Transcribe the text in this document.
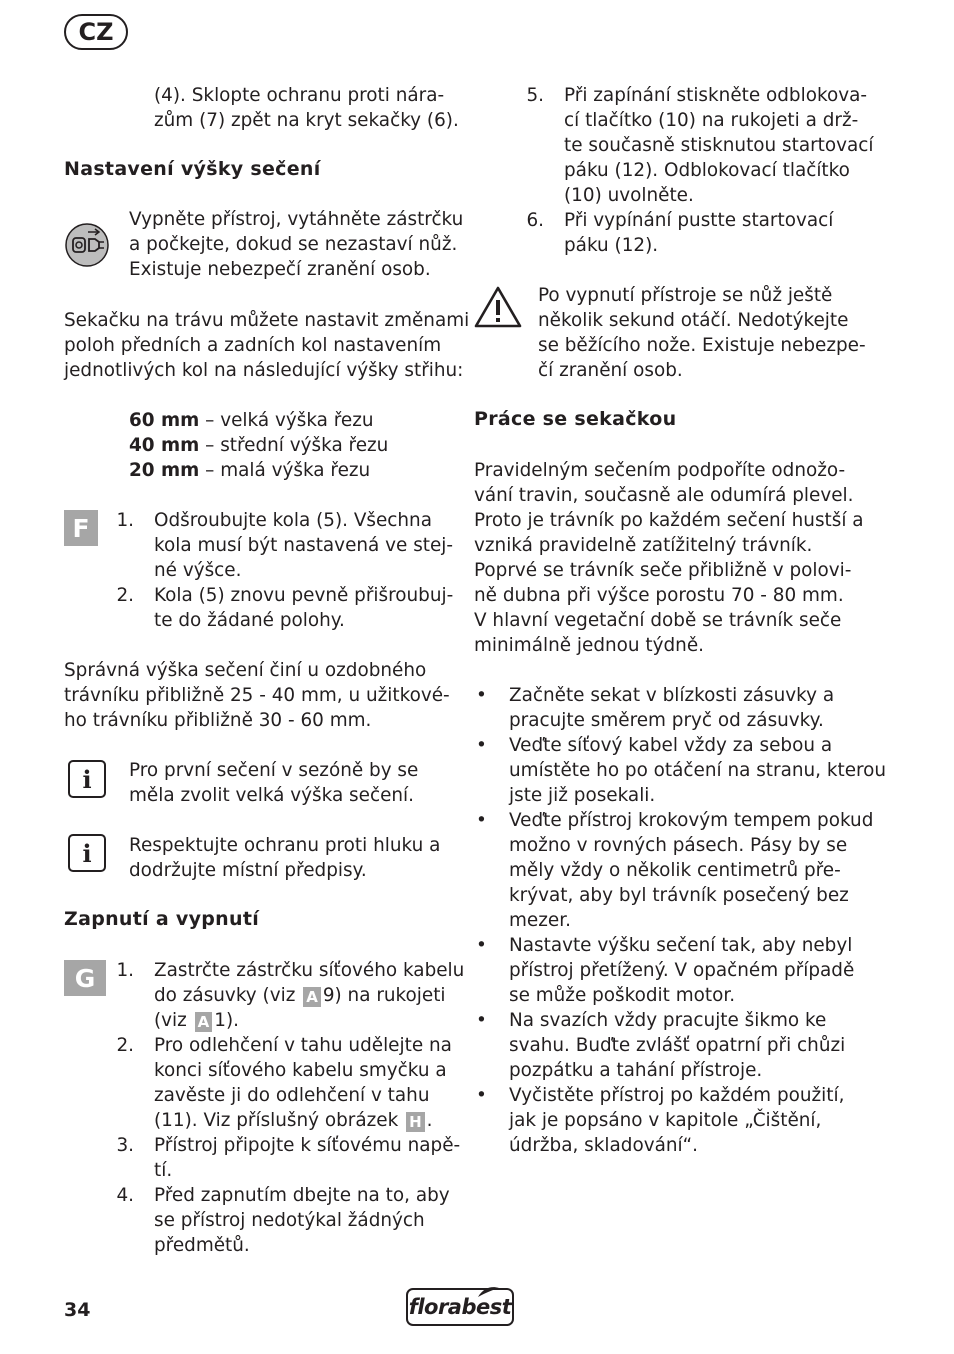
CZ
(4). Sklopte ochranu proti nára-
zům (7) zpět na kryt sekačky (6).
Nastavení výšky sečení
Vypněte přístroj, vytáhněte zástrčku
a počkejte, dokud se nezastaví nůž.
Existuje nebezpečí zranění osob.
Sekačku na trávu můžete nastavit změnami
poloh předních a zadních kol nastavením
jednotlivých kol na následující výšky střihu:
60 mm – velká výška řezu
40 mm – střední výška řezu
20 mm – malá výška řezu
F	1. Odšroubujte kola (5). Všechna
kola musí být nastavená ve stej-
né výšce.
2. Kola (5) znovu pevně přišroubuj-
te do žádané polohy.
Správná výška sečení činí u ozdobného
trávníku přibližně 25 - 40 mm, u užitkové-
ho trávníku přibližně 30 - 60 mm.
i	Pro první sečení v sezóně by se
měla zvolit velká výška sečení.
i	Respektujte ochranu proti hluku a
dodržujte místní předpisy.
Zapnutí a vypnutí
G	1. Zastrčte zástrčku síťového kabelu
do zásuvky (viz A 9) na rukojeti
(viz A 1).
2. Pro odlehčení v tahu udělejte na
konci síťového kabelu smyčku a
zavěste ji do odlehčení v tahu
(11). Viz příslušný obrázek H .
3. Přístroj připojte k síťovému napě-
tí.
4. Před zapnutím dbejte na to, aby
se přístroj nedotýkal žádných
předmětů.
5. Při zapínání stiskněte odblokova-
cí tlačítko (10) na rukojeti a drž-
te současně stisknutou startovací
páku (12). Odblokovací tlačítko
(10) uvolněte.
6. Při vypínání pustte startovací
páku (12).
Po vypnutí přístroje se nůž ještě
několik sekund otáčí. Nedotýkejte
se běžícího nože. Existuje nebezpe-
čí zranění osob.
Práce se sekačkou
Pravidelným sečením podpoříte odnožo-
vání travin, současně ale odumírá plevel.
Proto je trávník po každém sečení hustší a
vzniká pravidelně zatížitelný trávník.
Poprvé se trávník seče přibližně v polovi-
ně dubna při výšce porostu 70 - 80 mm.
V hlavní vegetační době se trávník seče
minimálně jednou týdně.
• Začněte sekat v blízkosti zásuvky a
pracujte směrem pryč od zásuvky.
• Veďte síťový kabel vždy za sebou a
umístěte ho po otáčení na stranu, kterou
jste již posekali.
• Veďte přístroj krokovým tempem pokud
možno v rovných pásech. Pásy by se
měly vždy o několik centimetrů pře-
krývat, aby byl trávník posečený bez
mezer.
• Nastavte výšku sečení tak, aby nebyl
přístroj přetížený. V opačném případě
se může poškodit motor.
• Na svazích vždy pracujte šikmo ke
svahu. Buďte zvlášť opatrní při chůzi
pozpátku a tahání přístroje.
• Vyčistěte přístroj po každém použití,
jak je popsáno v kapitole „Čištění,
údržba, skladování“.
34	florabest
